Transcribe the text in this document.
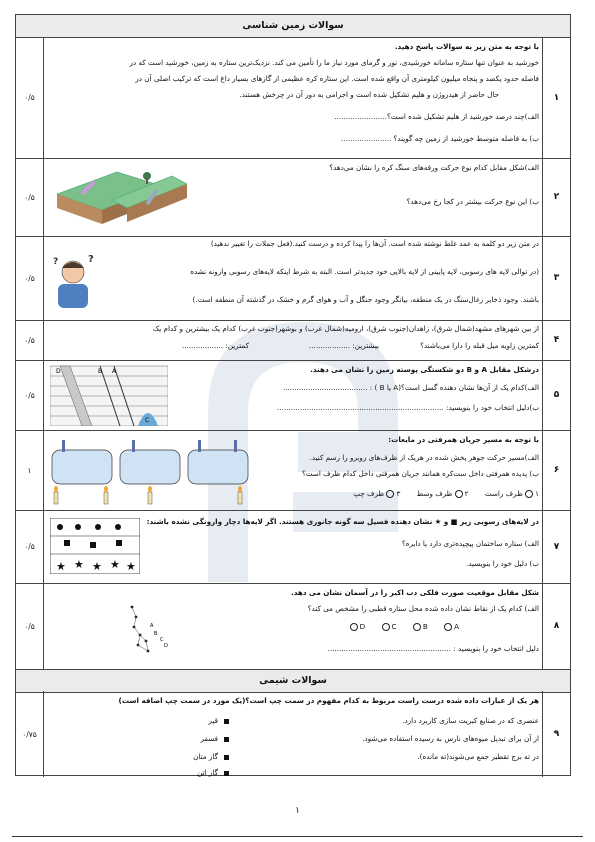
سوالات زمین شناسی
۱
۰/۵
با توجه به متن زیر به سوالات پاسخ دهید.
خورشید به عنوان تنها ستاره سامانه خورشیدی، نور و گرمای مورد نیاز ما را تأمین می کند. نزدیک‌ترین ستاره به زمین، خورشید است که در
فاصله حدود یکصد و پنجاه میلیون کیلومتری آن واقع شده است. این ستاره کره عظیمی از گازهای بسیار داغ است که ترکیب اصلی آن در
حال حاضر از هیدروژن و هلیم تشکیل شده است و اجرامی به دور آن در چرخش هستند.
الف)چند درصد خورشید از هلیم تشکیل شده است؟.......................
ب) به فاصله متوسط خورشید از زمین چه گویند؟ ......................
۲
۰/۵
الف)شکل مقابل کدام نوع حرکت ورقه‌های سنگ کره را نشان می‌دهد؟
ب) این نوع حرکت بیشتر در کجا رخ می‌دهد؟
۳
۰/۵
در متن زیر دو کلمه به عمد غلط نوشته شده است. آن‌ها را پیدا کرده و درست کنید.(فعل جملات را تغییر ندهید)
(در توالی لایه های رسوبی، لایه پایینی از لایه بالایی خود جدیدتر است. البته به شرط اینکه لایه‌های رسوبی وارونه نشده
باشند. وجود ذخایر زغال‌سنگ در یک منطقه، بیانگر وجود جنگل و آب و هوای گرم و خشک در گذشته آن منطقه است.)
?
?
۴
۰/۵
از بین شهرهای مشهد(شمال شرق)، زاهدان(جنوب شرق)، ارومیه(شمال غرب) و بوشهر(جنوب غرب) کدام یک بیشترین و کدام یک
کمترین زاویه میل قبله را دارا می‌باشند؟
بیشترین: ..................
کمترین: ..................
۵
۰/۵
درشکل مقابل A و B دو شکستگی پوسته زمین را نشان می دهند.
الف)کدام یک از آن‌ها نشان دهنده گسل است؟(A یا B ) : .....................................
ب)دلیل انتخاب خود را بنویسید: .........................................................................
D	B A
C
۶
۱
با توجه به مسیر جریان همرفتی در مایعات:
الف)مسیر حرکت جوهر پخش شده در هریک از ظرف‌های روبرو را رسم کنید.
ب) پدیده همرفتی داخل ست‌کره همانند جریان همرفتی داخل کدام ظرف است؟
۱ ظرف راست ۲ ظرف وسط ۳ ظرف چپ
۷
۰/۵
در لایه‌های رسوبی زیر ■ و ★ نشان دهنده فسیل سه گونه جانوری هستند. اگر لایه‌ها دچار وارونگی نشده باشند:
الف) ستاره ساختمان پیچیده‌تری دارد یا دایره؟
ب) دلیل خود را بنویسید.
★ ★ ★ ★ ★
۸
۰/۵
شکل مقابل موقعیت صورت فلکی دب اکبر را در آسمان نشان می دهد.
الف) کدام یک از نقاط نشان داده شده محل ستاره قطبی را مشخص می کند؟
A B C D
دلیل انتخاب خود را بنویسید : ......................................................
A
B
C
D
سوالات شیمی
۹
۰/۷۵
هر یک از عبارات داده شده درست راست مربوط به کدام مفهوم در سمت چپ است؟(یک مورد در سمت چپ اضافه است)
عنصری که در صنایع کبریت سازی کاربرد دارد.
از آن برای تبدیل میوه‌های نارس به رسیده استفاده می‌شود.
در ته برج تقطیر جمع می‌شوند(ته مانده).
قیر
فسفر
گاز متان
گاز اتن
۱
